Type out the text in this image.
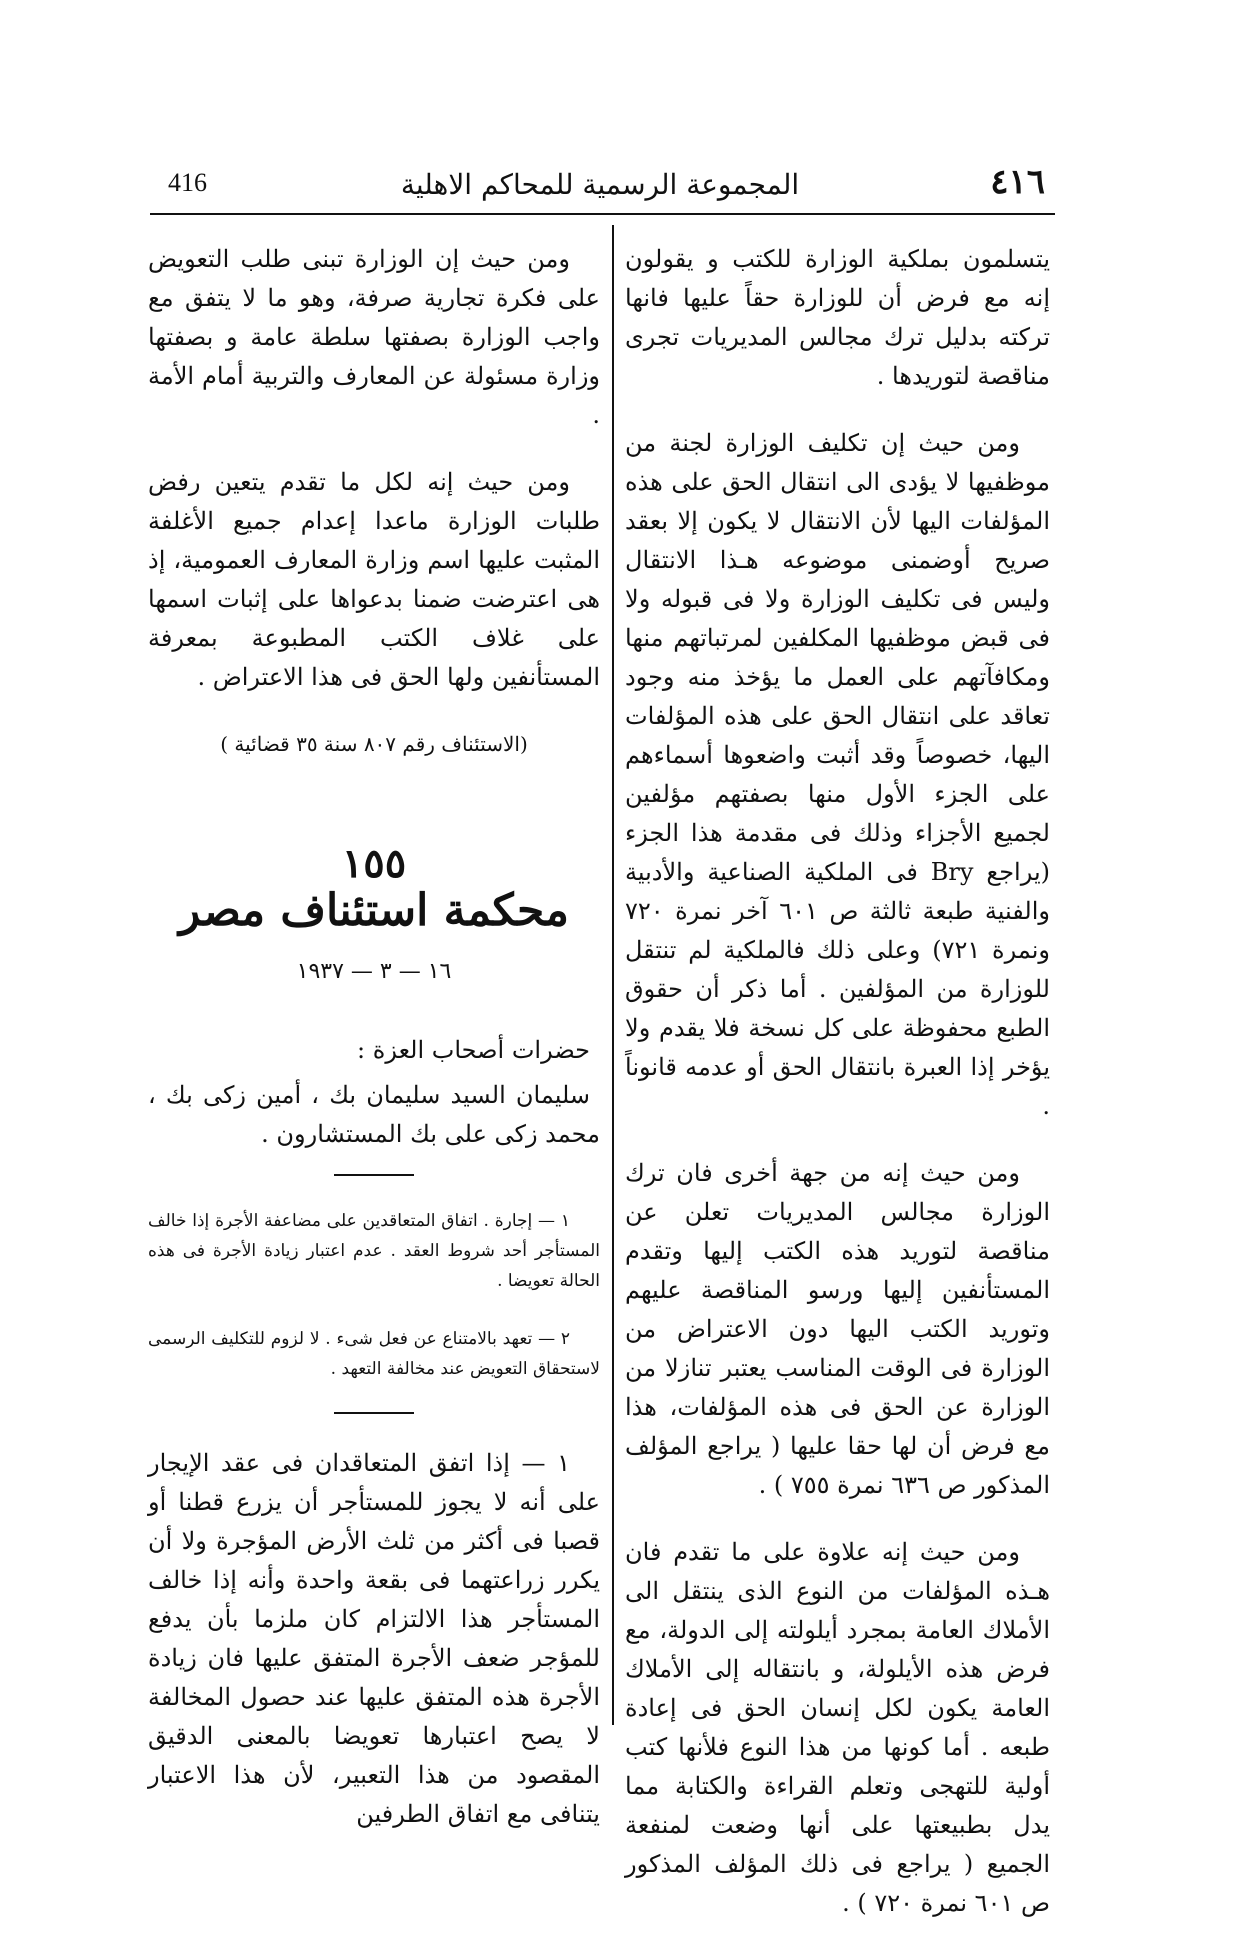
416	المجموعة الرسمية للمحاكم الاهلية	٤١٦

يتسلمون بملكية الوزارة للكتب و يقولون إنه مع فرض أن للوزارة حقاً عليها فانها تركته بدليل ترك مجالس المديريات تجرى مناقصة لتوريدها .

ومن حيث إن تكليف الوزارة لجنة من موظفيها لا يؤدى الى انتقال الحق على هذه المؤلفات اليها لأن الانتقال لا يكون إلا بعقد صريح أوضمنى موضوعه هـذا الانتقال وليس فى تكليف الوزارة ولا فى قبوله ولا فى قبض موظفيها المكلفين لمرتباتهم منها ومكافآتهم على العمل ما يؤخذ منه وجود تعاقد على انتقال الحق على هذه المؤلفات اليها، خصوصاً وقد أثبت واضعوها أسماءهم على الجزء الأول منها بصفتهم مؤلفين لجميع الأجزاء وذلك فى مقدمة هذا الجزء (يراجع Bry فى الملكية الصناعية والأدبية والفنية طبعة ثالثة ص ٦٠١ آخر نمرة ٧٢٠ ونمرة ٧٢١) وعلى ذلك فالملكية لم تنتقل للوزارة من المؤلفين . أما ذكر أن حقوق الطبع محفوظة على كل نسخة فلا يقدم ولا يؤخر إذا العبرة بانتقال الحق أو عدمه قانوناً .

ومن حيث إنه من جهة أخرى فان ترك الوزارة مجالس المديريات تعلن عن مناقصة لتوريد هذه الكتب إليها وتقدم المستأنفين إليها ورسو المناقصة عليهم وتوريد الكتب اليها دون الاعتراض من الوزارة فى الوقت المناسب يعتبر تنازلا من الوزارة عن الحق فى هذه المؤلفات، هذا مع فرض أن لها حقا عليها ( يراجع المؤلف المذكور ص ٦٣٦ نمرة ٧٥٥ ) .

ومن حيث إنه علاوة على ما تقدم فان هـذه المؤلفات من النوع الذى ينتقل الى الأملاك العامة بمجرد أيلولته إلى الدولة، مع فرض هذه الأيلولة، و بانتقاله إلى الأملاك العامة يكون لكل إنسان الحق فى إعادة طبعه . أما كونها من هذا النوع فلأنها كتب أولية للتهجى وتعلم القراءة والكتابة مما يدل بطبيعتها على أنها وضعت لمنفعة الجميع ( يراجع فى ذلك المؤلف المذكور ص ٦٠١ نمرة ٧٢٠ ) .

ومن حيث إن الوزارة تبنى طلب التعويض على فكرة تجارية صرفة، وهو ما لا يتفق مع واجب الوزارة بصفتها سلطة عامة و بصفتها وزارة مسئولة عن المعارف والتربية أمام الأمة .

ومن حيث إنه لكل ما تقدم يتعين رفض طلبات الوزارة ماعدا إعدام جميع الأغلفة المثبت عليها اسم وزارة المعارف العمومية، إذ هى اعترضت ضمنا بدعواها على إثبات اسمها على غلاف الكتب المطبوعة بمعرفة المستأنفين ولها الحق فى هذا الاعتراض .

(الاستئناف رقم ٨٠٧ سنة ٣٥ قضائية )
١٥٥
محكمة استئناف مصر
١٦ — ٣ — ١٩٣٧
حضرات أصحاب العزة :
سليمان السيد سليمان بك ، أمين زكى بك ، محمد زكى على بك المستشارون .

١ — إجارة . اتفاق المتعاقدين على مضاعفة الأجرة إذا خالف المستأجر أحد شروط العقد . عدم اعتبار زيادة الأجرة فى هذه الحالة تعويضا .

٢ — تعهد بالامتناع عن فعل شىء . لا لزوم للتكليف الرسمى لاستحقاق التعويض عند مخالفة التعهد .

١ — إذا اتفق المتعاقدان فى عقد الإيجار على أنه لا يجوز للمستأجر أن يزرع قطنا أو قصبا فى أكثر من ثلث الأرض المؤجرة ولا أن يكرر زراعتهما فى بقعة واحدة وأنه إذا خالف المستأجر هذا الالتزام كان ملزما بأن يدفع للمؤجر ضعف الأجرة المتفق عليها فان زيادة الأجرة هذه المتفق عليها عند حصول المخالفة لا يصح اعتبارها تعويضا بالمعنى الدقيق المقصود من هذا التعبير، لأن هذا الاعتبار يتنافى مع اتفاق الطرفين
